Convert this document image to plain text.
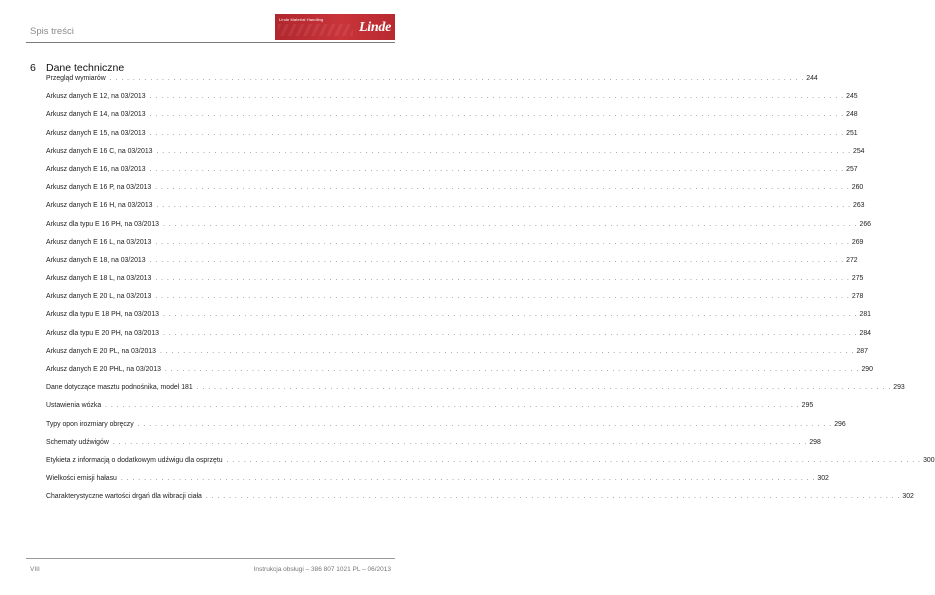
Spis treści
Linde Material Handling
Linde
6 Dane techniczne
Przegląd wymiarów . . . . . . . . . . . . . . . . . . . . . . . . . . . . . . . . . . . . . . . . . . . . . . . . . . . . . . . . . . . . . . . . . . . . . . . . . . . . . . . . . . . . . . . . . . . . . . . . . . . . . . . . . . . . . . . . . . . . . . . . 244
Arkusz danych E 12, na 03/2013 . . . . . . . . . . . . . . . . . . . . . . . . . . . . . . . . . . . . . . . . . . . . . . . . . . . . . . . . . . . . . . . . . . . . . . . . . . . . . . . . . . . . . . . . . . . . . . . . . . . . . . . . . . . . . . . . . . . . . . . . 245
Arkusz danych E 14, na 03/2013 . . . . . . . . . . . . . . . . . . . . . . . . . . . . . . . . . . . . . . . . . . . . . . . . . . . . . . . . . . . . . . . . . . . . . . . . . . . . . . . . . . . . . . . . . . . . . . . . . . . . . . . . . . . . . . . . . . . . . . . . 248
Arkusz danych E 15, na 03/2013 . . . . . . . . . . . . . . . . . . . . . . . . . . . . . . . . . . . . . . . . . . . . . . . . . . . . . . . . . . . . . . . . . . . . . . . . . . . . . . . . . . . . . . . . . . . . . . . . . . . . . . . . . . . . . . . . . . . . . . . . 251
Arkusz danych E 16 C, na 03/2013 . . . . . . . . . . . . . . . . . . . . . . . . . . . . . . . . . . . . . . . . . . . . . . . . . . . . . . . . . . . . . . . . . . . . . . . . . . . . . . . . . . . . . . . . . . . . . . . . . . . . . . . . . . . . . . . . . . . . . . . . 254
Arkusz danych E 16, na 03/2013 . . . . . . . . . . . . . . . . . . . . . . . . . . . . . . . . . . . . . . . . . . . . . . . . . . . . . . . . . . . . . . . . . . . . . . . . . . . . . . . . . . . . . . . . . . . . . . . . . . . . . . . . . . . . . . . . . . . . . . . . 257
Arkusz danych E 16 P, na 03/2013 . . . . . . . . . . . . . . . . . . . . . . . . . . . . . . . . . . . . . . . . . . . . . . . . . . . . . . . . . . . . . . . . . . . . . . . . . . . . . . . . . . . . . . . . . . . . . . . . . . . . . . . . . . . . . . . . . . . . . . . . 260
Arkusz danych E 16 H, na 03/2013 . . . . . . . . . . . . . . . . . . . . . . . . . . . . . . . . . . . . . . . . . . . . . . . . . . . . . . . . . . . . . . . . . . . . . . . . . . . . . . . . . . . . . . . . . . . . . . . . . . . . . . . . . . . . . . . . . . . . . . . . 263
Arkusz dla typu E 16 PH, na 03/2013 . . . . . . . . . . . . . . . . . . . . . . . . . . . . . . . . . . . . . . . . . . . . . . . . . . . . . . . . . . . . . . . . . . . . . . . . . . . . . . . . . . . . . . . . . . . . . . . . . . . . . . . . . . . . . . . . . . . . . . . . 266
Arkusz danych E 16 L, na 03/2013 . . . . . . . . . . . . . . . . . . . . . . . . . . . . . . . . . . . . . . . . . . . . . . . . . . . . . . . . . . . . . . . . . . . . . . . . . . . . . . . . . . . . . . . . . . . . . . . . . . . . . . . . . . . . . . . . . . . . . . . . 269
Arkusz danych E 18, na 03/2013 . . . . . . . . . . . . . . . . . . . . . . . . . . . . . . . . . . . . . . . . . . . . . . . . . . . . . . . . . . . . . . . . . . . . . . . . . . . . . . . . . . . . . . . . . . . . . . . . . . . . . . . . . . . . . . . . . . . . . . . . 272
Arkusz danych E 18 L, na 03/2013 . . . . . . . . . . . . . . . . . . . . . . . . . . . . . . . . . . . . . . . . . . . . . . . . . . . . . . . . . . . . . . . . . . . . . . . . . . . . . . . . . . . . . . . . . . . . . . . . . . . . . . . . . . . . . . . . . . . . . . . . 275
Arkusz danych E 20 L, na 03/2013 . . . . . . . . . . . . . . . . . . . . . . . . . . . . . . . . . . . . . . . . . . . . . . . . . . . . . . . . . . . . . . . . . . . . . . . . . . . . . . . . . . . . . . . . . . . . . . . . . . . . . . . . . . . . . . . . . . . . . . . . 278
Arkusz dla typu E 18 PH, na 03/2013 . . . . . . . . . . . . . . . . . . . . . . . . . . . . . . . . . . . . . . . . . . . . . . . . . . . . . . . . . . . . . . . . . . . . . . . . . . . . . . . . . . . . . . . . . . . . . . . . . . . . . . . . . . . . . . . . . . . . . . . . 281
Arkusz dla typu E 20 PH, na 03/2013 . . . . . . . . . . . . . . . . . . . . . . . . . . . . . . . . . . . . . . . . . . . . . . . . . . . . . . . . . . . . . . . . . . . . . . . . . . . . . . . . . . . . . . . . . . . . . . . . . . . . . . . . . . . . . . . . . . . . . . . . 284
Arkusz danych E 20 PL, na 03/2013 . . . . . . . . . . . . . . . . . . . . . . . . . . . . . . . . . . . . . . . . . . . . . . . . . . . . . . . . . . . . . . . . . . . . . . . . . . . . . . . . . . . . . . . . . . . . . . . . . . . . . . . . . . . . . . . . . . . . . . . . 287
Arkusz danych E 20 PHL, na 03/2013 . . . . . . . . . . . . . . . . . . . . . . . . . . . . . . . . . . . . . . . . . . . . . . . . . . . . . . . . . . . . . . . . . . . . . . . . . . . . . . . . . . . . . . . . . . . . . . . . . . . . . . . . . . . . . . . . . . . . . . . . 290
Dane dotyczące masztu podnośnika, model 181 . . . . . . . . . . . . . . . . . . . . . . . . . . . . . . . . . . . . . . . . . . . . . . . . . . . . . . . . . . . . . . . . . . . . . . . . . . . . . . . . . . . . . . . . . . . . . . . . . . . . . . . . . . . . . . . . . . . . . . . . 293
Ustawienia wózka . . . . . . . . . . . . . . . . . . . . . . . . . . . . . . . . . . . . . . . . . . . . . . . . . . . . . . . . . . . . . . . . . . . . . . . . . . . . . . . . . . . . . . . . . . . . . . . . . . . . . . . . . . . . . . . . . . . . . . . . 295
Typy opon irozmiary obręczy . . . . . . . . . . . . . . . . . . . . . . . . . . . . . . . . . . . . . . . . . . . . . . . . . . . . . . . . . . . . . . . . . . . . . . . . . . . . . . . . . . . . . . . . . . . . . . . . . . . . . . . . . . . . . . . . . . . . . . . . 296
Schematy udźwigów . . . . . . . . . . . . . . . . . . . . . . . . . . . . . . . . . . . . . . . . . . . . . . . . . . . . . . . . . . . . . . . . . . . . . . . . . . . . . . . . . . . . . . . . . . . . . . . . . . . . . . . . . . . . . . . . . . . . . . . . 298
Etykieta z informacją o dodatkowym udźwigu dla osprzętu . . . . . . . . . . . . . . . . . . . . . . . . . . . . . . . . . . . . . . . . . . . . . . . . . . . . . . . . . . . . . . . . . . . . . . . . . . . . . . . . . . . . . . . . . . . . . . . . . . . . . . . . . . . . . . . . . . . . . . . . 300
Wielkości emisji hałasu . . . . . . . . . . . . . . . . . . . . . . . . . . . . . . . . . . . . . . . . . . . . . . . . . . . . . . . . . . . . . . . . . . . . . . . . . . . . . . . . . . . . . . . . . . . . . . . . . . . . . . . . . . . . . . . . . . . . . . . . 302
Charakterystyczne wartości drgań dla wibracji ciała . . . . . . . . . . . . . . . . . . . . . . . . . . . . . . . . . . . . . . . . . . . . . . . . . . . . . . . . . . . . . . . . . . . . . . . . . . . . . . . . . . . . . . . . . . . . . . . . . . . . . . . . . . . . . . . . . . . . . . . . 302
VIII	Instrukcja obsługi – 386 807 1021 PL – 06/2013
